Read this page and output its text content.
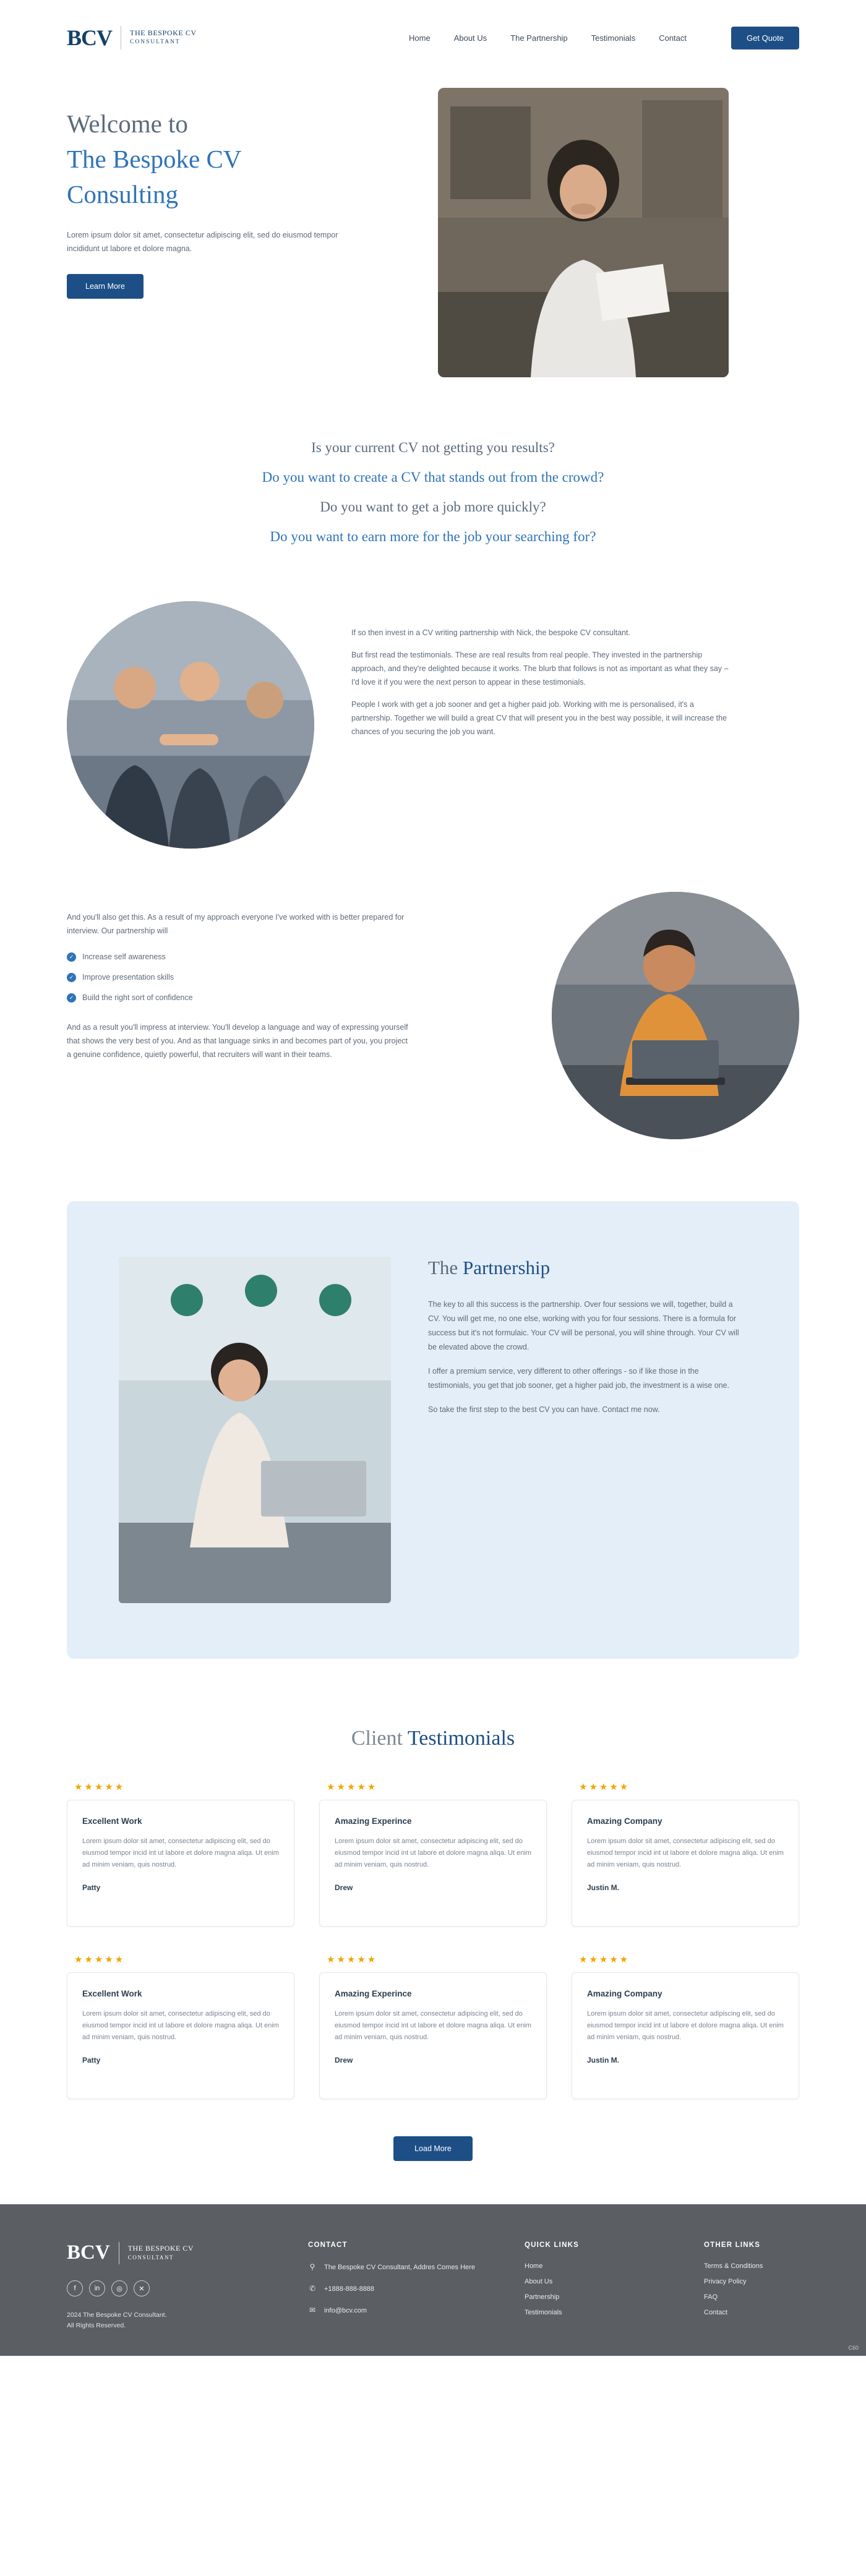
BCV THE BESPOKE CV
CONSULTANT	Home	About Us	The Partnership	Testimonials	Contact	Get Quote
Welcome to
The Bespoke CV
Consulting

Lorem ipsum dolor sit amet, consectetur adipiscing elit, sed do eiusmod tempor incididunt ut labore et dolore magna.

Learn More
Is your current CV not getting you results?
Do you want to create a CV that stands out from the crowd?
Do you want to get a job more quickly?
Do you want to earn more for the job your searching for?

If so then invest in a CV writing partnership with Nick, the bespoke CV consultant.

But first read the testimonials. These are real results from real people. They invested in the partnership approach, and they're delighted because it works. The blurb that follows is not as important as what they say – I'd love it if you were the next person to appear in these testimonials.

People I work with get a job sooner and get a higher paid job. Working with me is personalised, it's a partnership. Together we will build a great CV that will present you in the best way possible, it will increase the chances of you securing the job you want.

And you'll also get this. As a result of my approach everyone I've worked with is better prepared for interview. Our partnership will

✓ Increase self awareness
✓ Improve presentation skills
✓ Build the right sort of confidence

And as a result you'll impress at interview. You'll develop a language and way of expressing yourself that shows the very best of you. And as that language sinks in and becomes part of you, you project a genuine confidence, quietly powerful, that recruiters will want in their teams.

The Partnership

The key to all this success is the partnership. Over four sessions we will, together, build a CV. You will get me, no one else, working with you for four sessions. There is a formula for success but it's not formulaic. Your CV will be personal, you will shine through. Your CV will be elevated above the crowd.

I offer a premium service, very different to other offerings - so if like those in the testimonials, you get that job sooner, get a higher paid job, the investment is a wise one.

So take the first step to the best CV you can have. Contact me now.

Client Testimonials
★★★★★
Excellent Work

Lorem ipsum dolor sit amet, consectetur adipiscing elit, sed do eiusmod tempor incid int ut labore et dolore magna aliqa. Ut enim ad minim veniam, quis nostrud.

Patty
★★★★★
Amazing Experince

Lorem ipsum dolor sit amet, consectetur adipiscing elit, sed do eiusmod tempor incid int ut labore et dolore magna aliqa. Ut enim ad minim veniam, quis nostrud.

Drew
★★★★★
Amazing Company

Lorem ipsum dolor sit amet, consectetur adipiscing elit, sed do eiusmod tempor incid int ut labore et dolore magna aliqa. Ut enim ad minim veniam, quis nostrud.

Justin M.
★★★★★
Excellent Work

Lorem ipsum dolor sit amet, consectetur adipiscing elit, sed do eiusmod tempor incid int ut labore et dolore magna aliqa. Ut enim ad minim veniam, quis nostrud.

Patty
★★★★★
Amazing Experince

Lorem ipsum dolor sit amet, consectetur adipiscing elit, sed do eiusmod tempor incid int ut labore et dolore magna aliqa. Ut enim ad minim veniam, quis nostrud.

Drew
★★★★★
Amazing Company

Lorem ipsum dolor sit amet, consectetur adipiscing elit, sed do eiusmod tempor incid int ut labore et dolore magna aliqa. Ut enim ad minim veniam, quis nostrud.

Justin M.
Load More
BCV THE BESPOKE CV
CONSULTANT
f	in	◎	✕
2024 The Bespoke CV Consultant.
All Rights Reserved.
CONTACT
⚲ The Bespoke CV Consultant, Addres Comes Here
✆ +1888-888-8888
✉ info@bcv.com
QUICK LINKS
Home
About Us
Partnership
Testimonials
OTHER LINKS
Terms & Conditions
Privacy Policy
FAQ
Contact
C60
